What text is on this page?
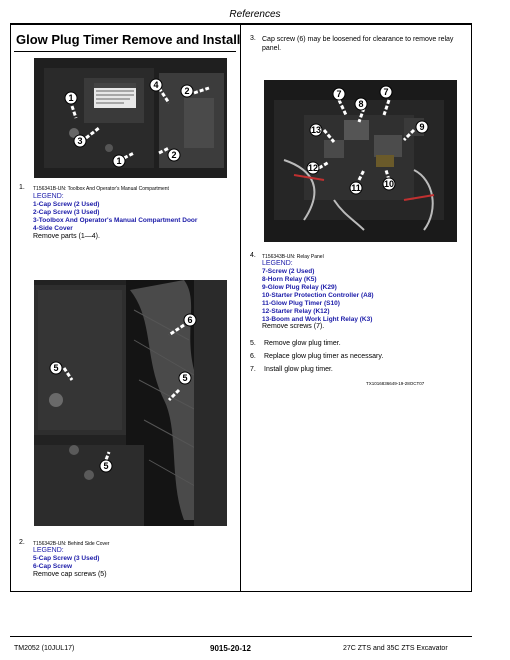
References
Glow Plug Timer Remove and Install
1
3
4
2
1
2
1. T156341B-UN: Toolbox And Operator's Manual Compartment
LEGEND:
1-Cap Screw (2 Used)
2-Cap Screw (3 Used)
3-Toolbox And Operator's Manual Compartment Door
4-Side Cover
Remove parts (1—4).
6
5
5
5
2. T156342B-UN: Behind Side Cover
LEGEND:
5-Cap Screw (3 Used)
6-Cap Screw
Remove cap screws (5)
3. Cap screw (6) may be loosened for clearance to remove relay panel.
7
8
7
13	9
12
11	10
4. T156343B-UN: Relay Panel
LEGEND:
7-Screw (2 Used)
8-Horn Relay (K5)
9-Glow Plug Relay (K29)
10-Starter Protection Controller (A8)
11-Glow Plug Timer (S10)
12-Starter Relay (K12)
13-Boom and Work Light Relay (K3)
Remove screws (7).
5. Remove glow plug timer.
6. Replace glow plug timer as necessary.
7. Install glow plug timer.
TX1016836649-19-28OCT07
TM2052 (10JUL17)	9015-20-12	27C ZTS and 35C ZTS Excavator
